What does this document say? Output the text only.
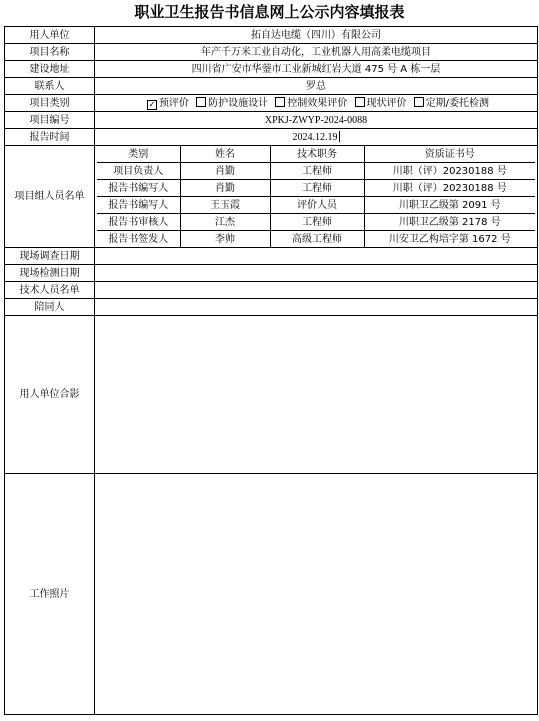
职业卫生报告书信息网上公示内容填报表
用人单位	拓自达电缆（四川）有限公司
项目名称	年产千万米工业自动化，工业机器人用高柔电缆项目
建设地址	四川省广安市华蓥市工业新城红岩大道 475 号 A 栋一层
联系人	罗总
项目类别	✓ 预评价 防护设施设计 控制效果评价 现状评价 定期/委托检测
项目编号	XPKJ-ZWYP-2024-0088
报告时间	2024.12.19
项目组人员名单	
类别	姓名	技术职务	资质证书号
项目负责人	肖勤	工程师	川职（评）20230188 号
报告书编写人	肖勤	工程师	川职（评）20230188 号
报告书编写人	王玉霞	评价人员	川职卫乙级第 2091 号
报告书审核人	江杰	工程师	川职卫乙级第 2178 号
报告书签发人	李帅	高级工程师	川安卫乙构培字第 1672 号

现场调查日期	
现场检测日期	
技术人员名单	
陪同人	
用人单位合影	
工作照片	
